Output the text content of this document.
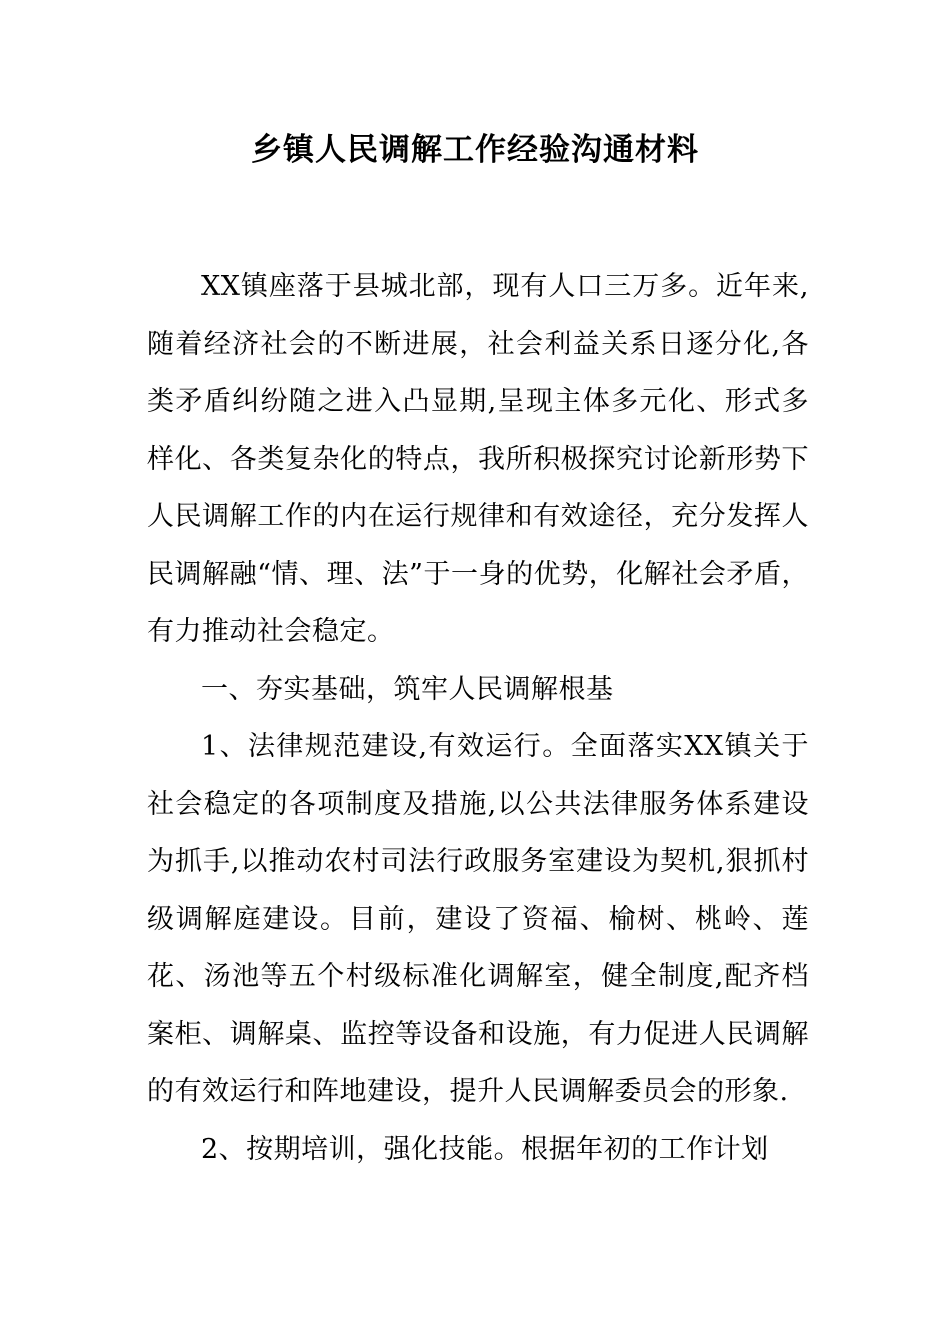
乡镇人民调解工作经验沟通材料

XX镇座落于县城北部，现有人口三万多。近年来,随着经济社会的不断进展，社会利益关系日逐分化,各类矛盾纠纷随之进入凸显期,呈现主体多元化、形式多样化、各类复杂化的特点，我所积极探究讨论新形势下人民调解工作的内在运行规律和有效途径，充分发挥人民调解融“情、理、法”于一身的优势，化解社会矛盾，有力推动社会稳定。

一、夯实基础，筑牢人民调解根基

1、法律规范建设,有效运行。全面落实XX镇关于社会稳定的各项制度及措施,以公共法律服务体系建设为抓手,以推动农村司法行政服务室建设为契机,狠抓村级调解庭建设。目前，建设了资福、榆树、桃岭、莲花、汤池等五个村级标准化调解室，健全制度,配齐档案柜、调解桌、监控等设备和设施，有力促进人民调解的有效运行和阵地建设，提升人民调解委员会的形象.

2、按期培训，强化技能。根据年初的工作计划
